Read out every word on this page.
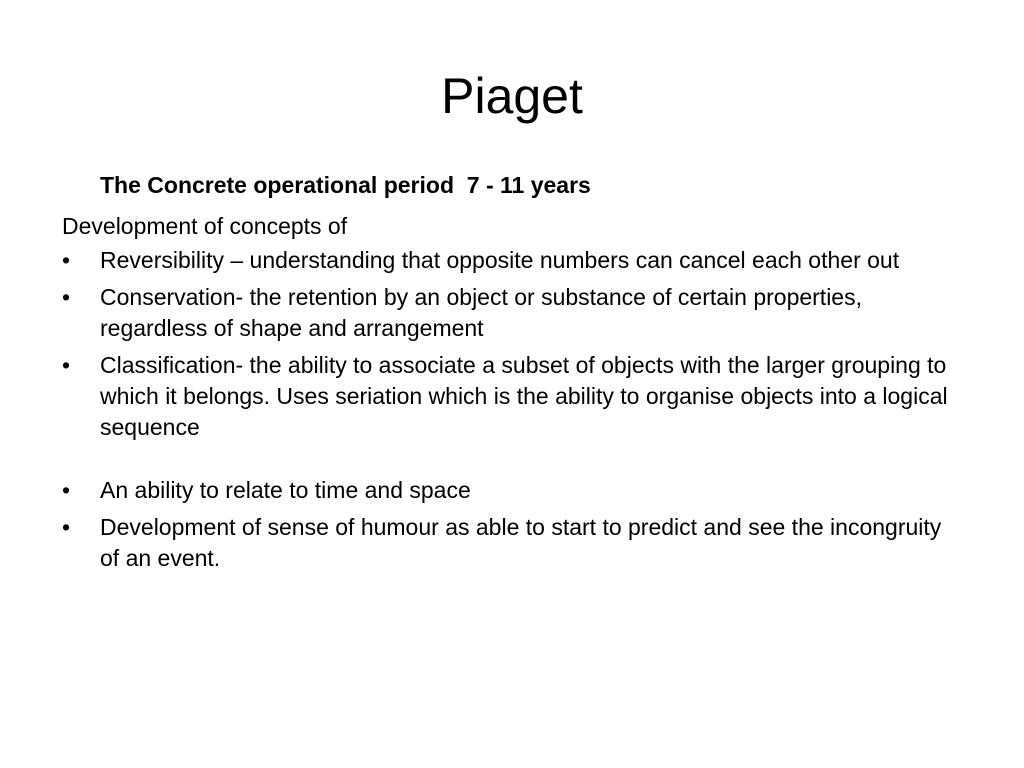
Piaget
The Concrete operational period  7 - 11 years
Development of concepts of
• Reversibility – understanding that opposite numbers can cancel each other out
• Conservation- the retention by an object or substance of certain properties, regardless of shape and arrangement
• Classification- the ability to associate a subset of objects with the larger grouping to which it belongs. Uses seriation which is the ability to organise objects into a logical sequence
• An ability to relate to time and space
• Development of sense of humour as able to start to predict and see the incongruity of an event.
